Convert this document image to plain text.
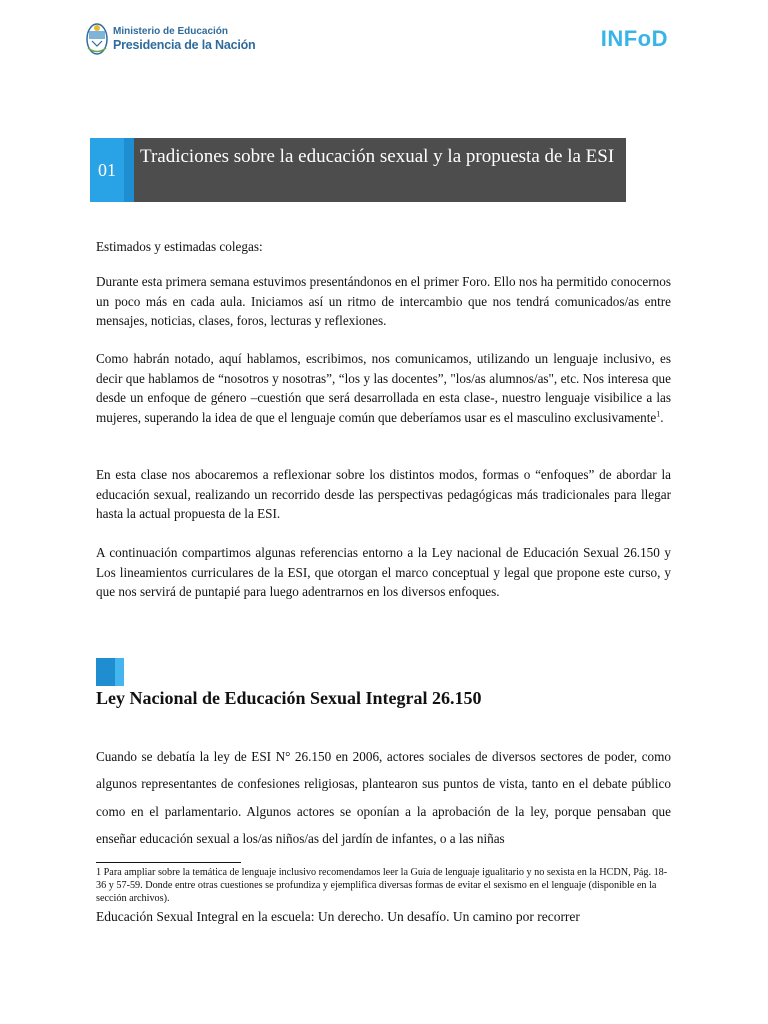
Ministerio de Educación
Presidencia de la Nación	INFoD
01
Tradiciones sobre la educación sexual y la propuesta de la ESI

Estimados y estimadas colegas:

Durante esta primera semana estuvimos presentándonos en el primer Foro. Ello nos ha permitido conocernos un poco más en cada aula. Iniciamos así un ritmo de intercambio que nos tendrá comunicados/as entre mensajes, noticias, clases, foros, lecturas y reflexiones.

Como habrán notado, aquí hablamos, escribimos, nos comunicamos, utilizando un lenguaje inclusivo, es decir que hablamos de “nosotros y nosotras”, “los y las docentes”, "los/as alumnos/as", etc. Nos interesa que desde un enfoque de género –cuestión que será desarrollada en esta clase-, nuestro lenguaje visibilice a las mujeres, superando la idea de que el lenguaje común que deberíamos usar es el masculino exclusivamente$^1$.

En esta clase nos abocaremos a reflexionar sobre los distintos modos, formas o “enfoques” de abordar la educación sexual, realizando un recorrido desde las perspectivas pedagógicas más tradicionales para llegar hasta la actual propuesta de la ESI.

A continuación compartimos algunas referencias entorno a la Ley nacional de Educación Sexual 26.150 y Los lineamientos curriculares de la ESI, que otorgan el marco conceptual y legal que propone este curso, y que nos servirá de puntapié para luego adentrarnos en los diversos enfoques.

Ley Nacional de Educación Sexual Integral 26.150

Cuando se debatía la ley de ESI N° 26.150 en 2006, actores sociales de diversos sectores de poder, como algunos representantes de confesiones religiosas, plantearon sus puntos de vista, tanto en el debate público como en el parlamentario. Algunos actores se oponían a la aprobación de la ley, porque pensaban que enseñar educación sexual a los/as niños/as del jardín de infantes, o a las niñas

1 Para ampliar sobre la temática de lenguaje inclusivo recomendamos leer la Guía de lenguaje igualitario y no sexista en la HCDN, Pág. 18-36 y 57-59. Donde entre otras cuestiones se profundiza y ejemplifica diversas formas de evitar el sexismo en el lenguaje (disponible en la sección archivos).
Educación Sexual Integral en la escuela: Un derecho. Un desafío. Un camino por recorrer
